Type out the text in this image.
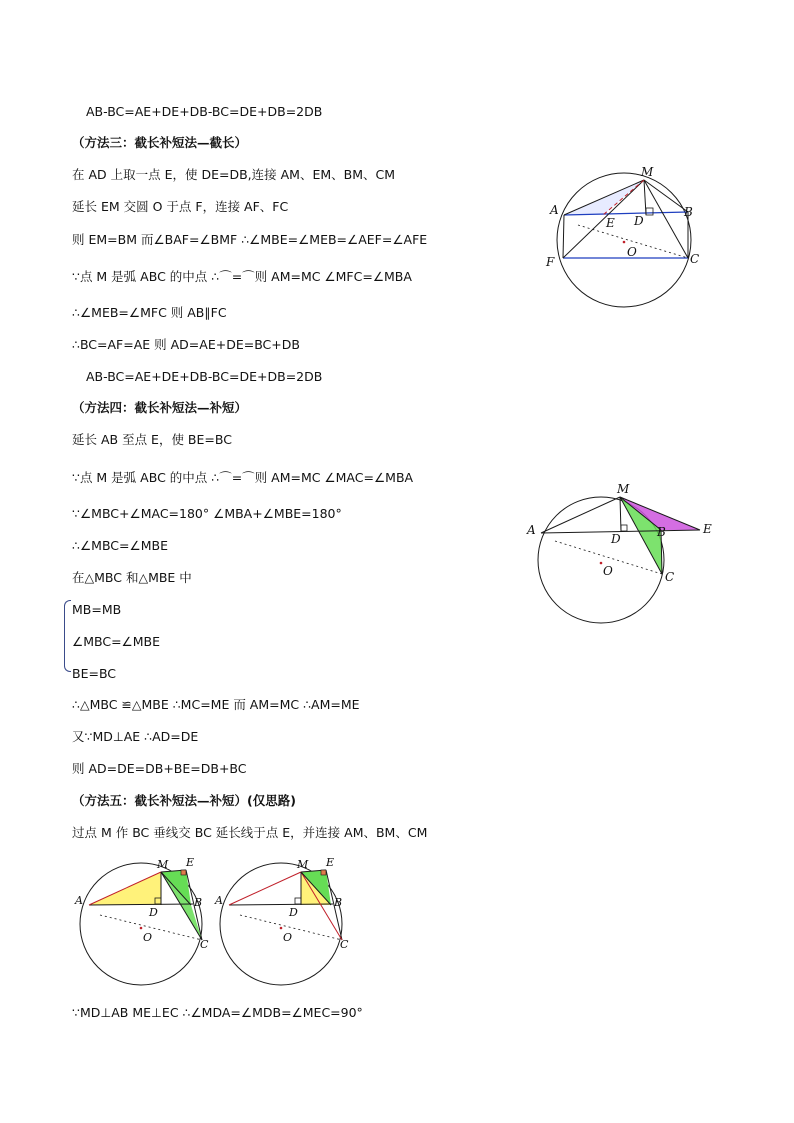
AB-BC=AE+DE+DB-BC=DE+DB=2DB
（方法三：截长补短法—截长）
在 AD 上取一点 E，使 DE=DB,连接 AM、EM、BM、CM
延长 EM 交圆 O 于点 F，连接 AF、FC
则 EM=BM 而∠BAF=∠BMF ∴∠MBE=∠MEB=∠AEF=∠AFE
∵点 M 是弧 ABC 的中点 ∴⌒=⌒则 AM=MC ∠MFC=∠MBA
∴∠MEB=∠MFC 则 AB∥FC
∴BC=AF=AE 则 AD=AE+DE=BC+DB
AB-BC=AE+DE+DB-BC=DE+DB=2DB
（方法四：截长补短法—补短）
延长 AB 至点 E，使 BE=BC
∵点 M 是弧 ABC 的中点 ∴⌒=⌒则 AM=MC ∠MAC=∠MBA
∵∠MBC+∠MAC=180° ∠MBA+∠MBE=180°
∴∠MBC=∠MBE
在△MBC 和△MBE 中
MB=MB
∠MBC=∠MBE
BE=BC
∴△MBC ≌△MBE ∴MC=ME 而 AM=MC ∴AM=ME
又∵MD⊥AE ∴AD=DE
则 AD=DE=DB+BE=DB+BC
（方法五：截长补短法—补短）(仅思路)
过点 M 作 BC 垂线交 BC 延长线于点 E，并连接 AM、BM、CM
∵MD⊥AB ME⊥EC ∴∠MDA=∠MDB=∠MEC=90°
M
A	B
E D
O
F	C
M
A	E
B
D
O	C
M E
A	B
D
O
C
M E
A	B
D
O
C
